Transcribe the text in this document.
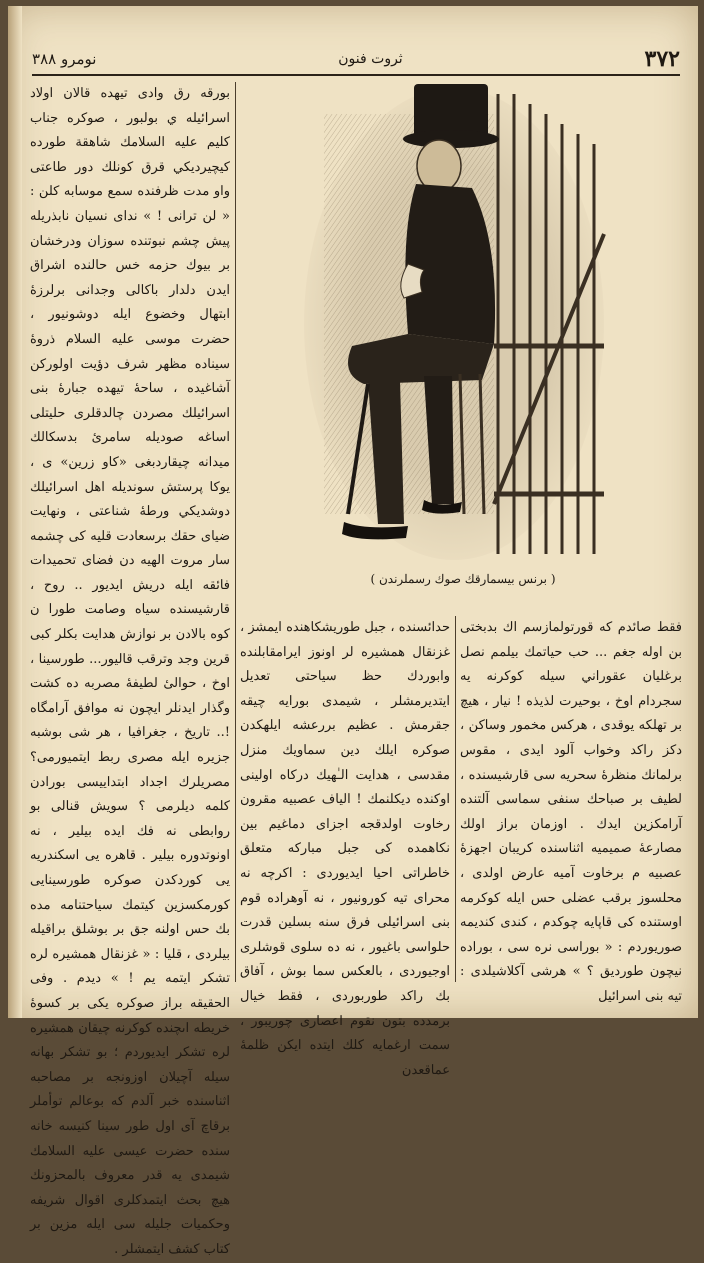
٣٧٢
ثروت فنون
نومرو ٣٨٨
بورقه رق وادى تيهده قالان اولاد اسرائيله ي بولبور ، صوكره جناب كليم عليه السلامك شاهقة طورده كيچيرديكي قرق كونلك دور طاعتى واو مدت ظرفنده سمع موسابه كلن : « لن ترانى ! » نداى نسيان نابذريله پيش چشم نبوتنده سوزان ودرخشان بر بيوك حزمه خس حالنده اشراق ايدن دلدار باكالى وجدانى برلرزهٔ ابتهال وخضوع ايله دوشونيور ، حضرت موسى عليه السلام ذروهٔ سيناده مظهر شرف دؤيت اولوركن آشاغيده ، ساحهٔ تيهده جبارهٔ بنى اسرائيلك مصردن چالدقلرى حليتلى اساغه صوديله سامرىٔ بدسكالك ميدانه چيقاردبغى «كاو زرين» ى ، يوكا پرستش سونديله اهل اسرائيلك دوشديكي ورطهٔ شناعتى ، ونهايت ضياى حقك برسعادت قليه كى چشمه سار مروت الهيه دن فضاى تحميدات فائقه ايله دريش ايديور .. روح ، قارشيسنده سياه وصامت طورا ن كوه بالادن بر نوازش هدايت بكلر كبى قرين وجد وترقب قاليور... طورسينا ، اوخ ، حوالىٔ لطيفهٔ مصربه ده كشت وگذار ايدنلر ايچون نه موافق آرامگاه !.. تاريخ ، جغرافيا ، هر شى بوشبه جزيره ايله مصرى ربط ايتميورمى؟ مصريلرك اجداد ابتداييسى بورادن كلمه ديلرمى ؟ سويش قنالى بو روابطى نه فك ايده بيلير ، نه اونوتدوره بيلير . قاهره يى اسكندريه يى كوردكدن صوكره طورسينايى كورمكسزين كيتمك سياحتنامه مده بك حس اولنه جق بر بوشلق براقيله بيلردى ، قليا : « غزنقال همشيره لره تشكر ايتمه يم ! » ديدم . وفى الحقيقه براز صوكره يكى بر كسوهٔ خريطه اىچنده كوكرنه چيقان همشيره لره تشكر ايديوردم ؛ بو تشكر بهانه سيله آچيلان اوزونجه بر مصاحبه اثناسنده خبر آلدم كه بوعالم توأملر برقاچ آى اول طور سينا كنيسه خانه سنده حضرت عيسى عليه السلامك شيمدى يه قدر معروف بالمحزونك هيچ بحث ايتمدكلرى اقوال شريفه وحكميات جليله سى ايله مزين بر كتاب كشف ايتمشلر .
( برنس بيسمارقك صوك رسملرندن )
حدائسنده ، جبل طوريشكاهنده ايمشز ، غزنقال همشيره لر اونوز ايرامقابلنده وابوردك حظ سياحتى تعديل ايتديرمشلر ، شيمدى بورايه چيقه جقرمش . عظيم بررعشه ايلهكدن صوكره ايلك دين سماويك منزل مقدسى ، هدايت الـٰهيك دركاه اولينى اوكنده ديكلنمك ! الياف عصبيه مقرون رخاوت اولدقجه اجزاى دماغيم بين نكاهمده كى جبل مباركه متعلق خاطراتى احيا ايديوردى : اكرچه نه محراى تيه كورونيور ، نه آوهراده قوم بنى اسرائيلى فرق سنه بسلين قدرت حلواسى باغيور ، نه ده سلوى قوشلرى اوجيوردى ، بالعكس سما بوش ، آفاق بك راكد طوربوردى ، فقط خيال برمدده بتون نقوم اعصارى چوريبور ، سمت ارغمايه كلك ايتده ايكن ظلمهٔ عماقعدن
فقط صائدم كه قورتولمازسم اك بدبختى بن اوله جغم ... حب حياتمك بيلمم نصل برغليان عقوراني سيله كوكرنه يه سجردام اوخ ، بوحيرت لذيذه ! نيار ، هيچ بر تهلكه يوقدى ، هركس مخمور وساكن ، دكز راكد وخواب آلود ايدى ، مقوس برلمانك منظرهٔ سحريه سى قارشيسنده ، لطيف بر صباحك سنفى سماسى آلتنده آرامكزين ايدك . اوزمان براز اولك مصارعهٔ صميميه اثناسنده كريبان اجهزهٔ عصبيه م برخاوت آميه عارض اولدى ، محلسوز برقب عضلى حس ايله كوكرمه اوستنده كى قاپايه چوكدم ، كندى كنديمه صوريوردم : « بوراسى نره سى ، بوراده نيچون طورديق ؟ » هرشى آكلاشيلدى : تيه بنى اسرائيل
